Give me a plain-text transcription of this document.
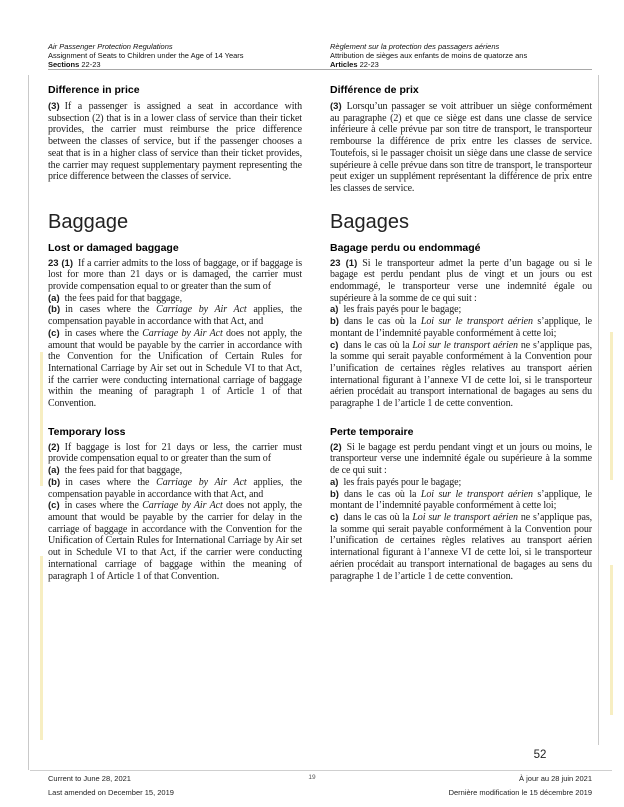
Air Passenger Protection Regulations
Assignment of Seats to Children under the Age of 14 Years
Sections 22-23
Règlement sur la protection des passagers aériens
Attribution de sièges aux enfants de moins de quatorze ans
Articles 22-23

Difference in price	Différence de prix

(3) If a passenger is assigned a seat in accordance with subsection (2) that is in a lower class of service than their ticket provides, the carrier must reimburse the price difference between the classes of service, but if the passenger chooses a seat that is in a higher class of service than their ticket provides, the carrier may request supplementary payment representing the price difference between the classes of service.

(3) Lorsqu’un passager se voit attribuer un siège conformément au paragraphe (2) et que ce siège est dans une classe de service inférieure à celle prévue par son titre de transport, le transporteur rembourse la différence de prix entre les classes de service. Toutefois, si le passager choisit un siège dans une classe de service supérieure à celle prévue dans son titre de transport, le transporteur peut exiger un supplément représentant la différence de prix entre les classes de service.

Baggage	Bagages

Lost or damaged baggage	Bagage perdu ou endommagé

23 (1) If a carrier admits to the loss of baggage, or if baggage is lost for more than 21 days or is damaged, the carrier must provide compensation equal to or greater than the sum of

(a) the fees paid for that baggage,

(b) in cases where the Carriage by Air Act applies, the compensation payable in accordance with that Act, and

(c) in cases where the Carriage by Air Act does not apply, the amount that would be payable by the carrier in accordance with the Convention for the Unification of Certain Rules for International Carriage by Air set out in Schedule VI to that Act, if the carrier were conducting international carriage of baggage within the meaning of paragraph 1 of Article 1 of that Convention.

23 (1) Si le transporteur admet la perte d’un bagage ou si le bagage est perdu pendant plus de vingt et un jours ou est endommagé, le transporteur verse une indemnité égale ou supérieure à la somme de ce qui suit :

a) les frais payés pour le bagage;

b) dans le cas où la Loi sur le transport aérien s’applique, le montant de l’indemnité payable conformément à cette loi;

c) dans le cas où la Loi sur le transport aérien ne s’applique pas, la somme qui serait payable conformément à la Convention pour l’unification de certaines règles relatives au transport aérien international figurant à l’annexe VI de cette loi, si le transporteur aérien procédait au transport international de bagages au sens du paragraphe 1 de l’article 1 de cette convention.

Temporary loss	Perte temporaire

(2) If baggage is lost for 21 days or less, the carrier must provide compensation equal to or greater than the sum of

(a) the fees paid for that baggage,

(b) in cases where the Carriage by Air Act applies, the compensation payable in accordance with that Act, and

(c) in cases where the Carriage by Air Act does not apply, the amount that would be payable by the carrier for delay in the carriage of baggage in accordance with the Convention for the Unification of Certain Rules for International Carriage by Air set out in Schedule VI to that Act, if the carrier were conducting international carriage of baggage within the meaning of paragraph 1 of Article 1 of that Convention.

(2) Si le bagage est perdu pendant vingt et un jours ou moins, le transporteur verse une indemnité égale ou supérieure à la somme de ce qui suit :

a) les frais payés pour le bagage;

b) dans le cas où la Loi sur le transport aérien s’applique, le montant de l’indemnité payable conformément à cette loi;

c) dans le cas où la Loi sur le transport aérien ne s’applique pas, la somme qui serait payable conformément à la Convention pour l’unification de certaines règles relatives au transport aérien international figurant à l’annexe VI de cette loi, si le transporteur aérien procédait au transport international de bagages au sens du paragraphe 1 de l’article 1 de cette convention.

52
Current to June 28, 2021
Last amended on December 15, 2019
19	À jour au 28 juin 2021
Dernière modification le 15 décembre 2019
